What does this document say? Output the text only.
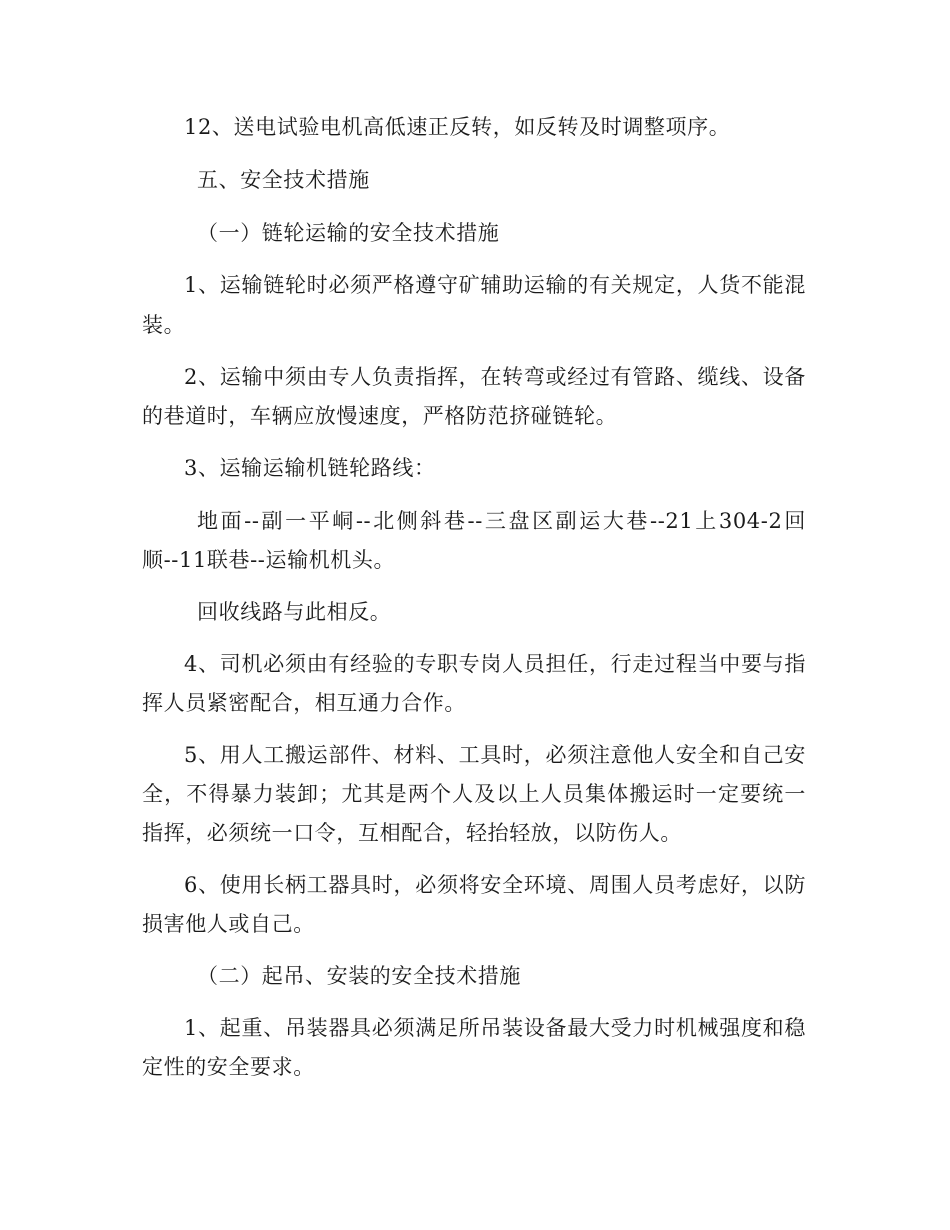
12、送电试验电机高低速正反转，如反转及时调整项序。
五、安全技术措施
（一）链轮运输的安全技术措施
1、运输链轮时必须严格遵守矿辅助运输的有关规定，人货不能混
装。
2、运输中须由专人负责指挥，在转弯或经过有管路、缆线、设备
的巷道时，车辆应放慢速度，严格防范挤碰链轮。
3、运输运输机链轮路线：
地面--副一平峒--北侧斜巷--三盘区副运大巷--21上304-2回
顺--11联巷--运输机机头。
回收线路与此相反。
4、司机必须由有经验的专职专岗人员担任，行走过程当中要与指
挥人员紧密配合，相互通力合作。
5、用人工搬运部件、材料、工具时，必须注意他人安全和自己安
全，不得暴力装卸；尤其是两个人及以上人员集体搬运时一定要统一
指挥，必须统一口令，互相配合，轻抬轻放，以防伤人。
6、使用长柄工器具时，必须将安全环境、周围人员考虑好，以防
损害他人或自己。
（二）起吊、安装的安全技术措施
1、起重、吊装器具必须满足所吊装设备最大受力时机械强度和稳
定性的安全要求。
